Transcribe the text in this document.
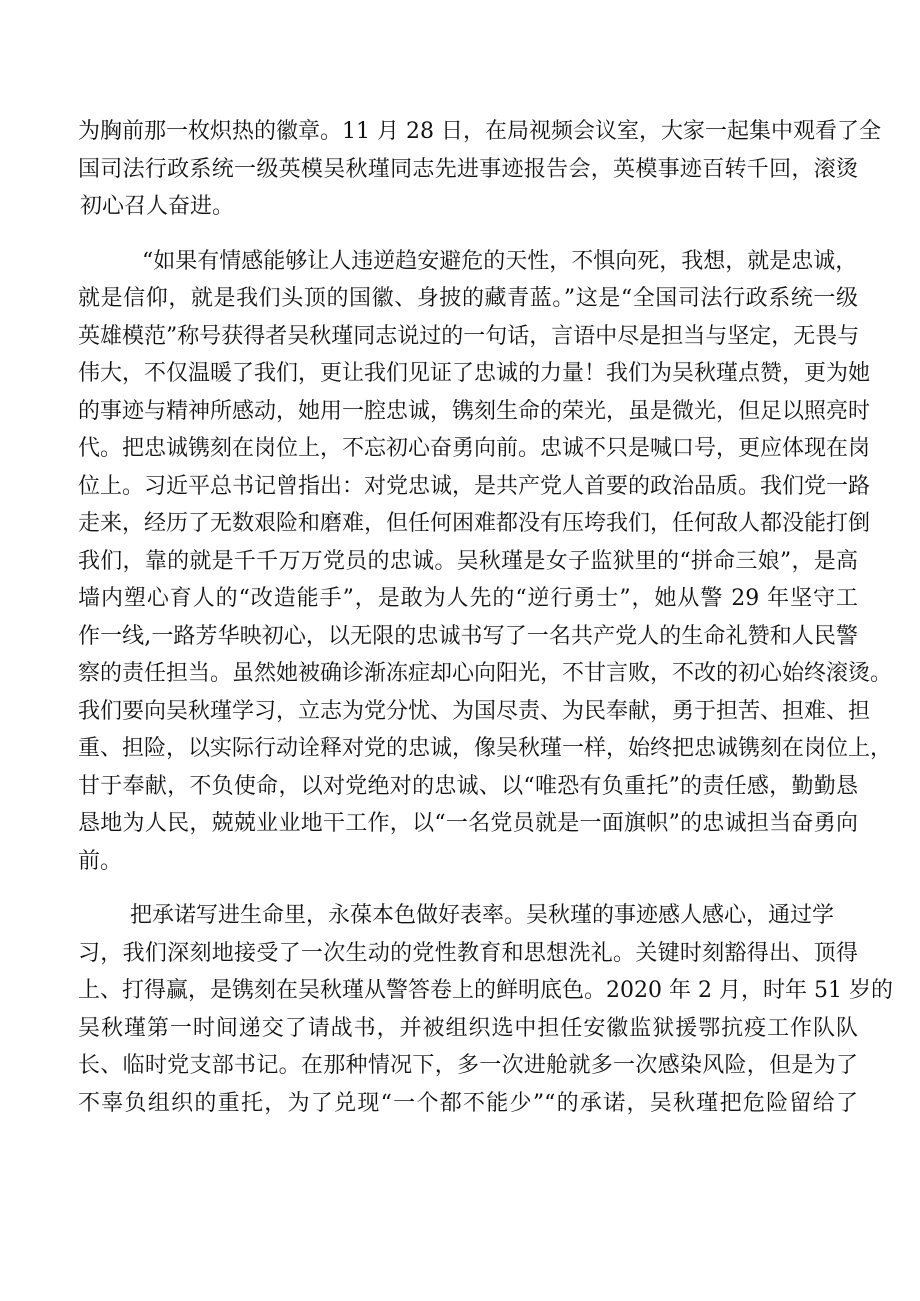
为胸前那一枚炽热的徽章。11 月 28 日，在局视频会议室，大家一起集中观看了全
国司法行政系统一级英模吴秋瑾同志先进事迹报告会，英模事迹百转千回，滚烫
初心召人奋进。
“如果有情感能够让人违逆趋安避危的天性，不惧向死，我想，就是忠诚，
就是信仰，就是我们头顶的国徽、身披的藏青蓝。”这是“全国司法行政系统一级
英雄模范”称号获得者吴秋瑾同志说过的一句话，言语中尽是担当与坚定，无畏与
伟大，不仅温暖了我们，更让我们见证了忠诚的力量！我们为吴秋瑾点赞，更为她
的事迹与精神所感动，她用一腔忠诚，镌刻生命的荣光，虽是微光，但足以照亮时
代。把忠诚镌刻在岗位上，不忘初心奋勇向前。忠诚不只是喊口号，更应体现在岗
位上。习近平总书记曾指出：对党忠诚，是共产党人首要的政治品质。我们党一路
走来，经历了无数艰险和磨难，但任何困难都没有压垮我们，任何敌人都没能打倒
我们，靠的就是千千万万党员的忠诚。吴秋瑾是女子监狱里的“拼命三娘”，是高
墙内塑心育人的“改造能手”，是敢为人先的“逆行勇士”，她从警 29 年坚守工
作一线,一路芳华映初心，以无限的忠诚书写了一名共产党人的生命礼赞和人民警
察的责任担当。虽然她被确诊渐冻症却心向阳光，不甘言败，不改的初心始终滚烫。
我们要向吴秋瑾学习，立志为党分忧、为国尽责、为民奉献，勇于担苦、担难、担
重、担险，以实际行动诠释对党的忠诚，像吴秋瑾一样，始终把忠诚镌刻在岗位上，
甘于奉献，不负使命，以对党绝对的忠诚、以“唯恐有负重托”的责任感，勤勤恳
恳地为人民，兢兢业业地干工作，以“一名党员就是一面旗帜”的忠诚担当奋勇向
前。
把承诺写进生命里，永葆本色做好表率。吴秋瑾的事迹感人感心，通过学
习，我们深刻地接受了一次生动的党性教育和思想洗礼。关键时刻豁得出、顶得
上、打得赢，是镌刻在吴秋瑾从警答卷上的鲜明底色。2020 年 2 月，时年 51 岁的
吴秋瑾第一时间递交了请战书，并被组织选中担任安徽监狱援鄂抗疫工作队队
长、临时党支部书记。在那种情况下，多一次进舱就多一次感染风险，但是为了
不辜负组织的重托，为了兑现“一个都不能少”“的承诺，吴秋瑾把危险留给了
